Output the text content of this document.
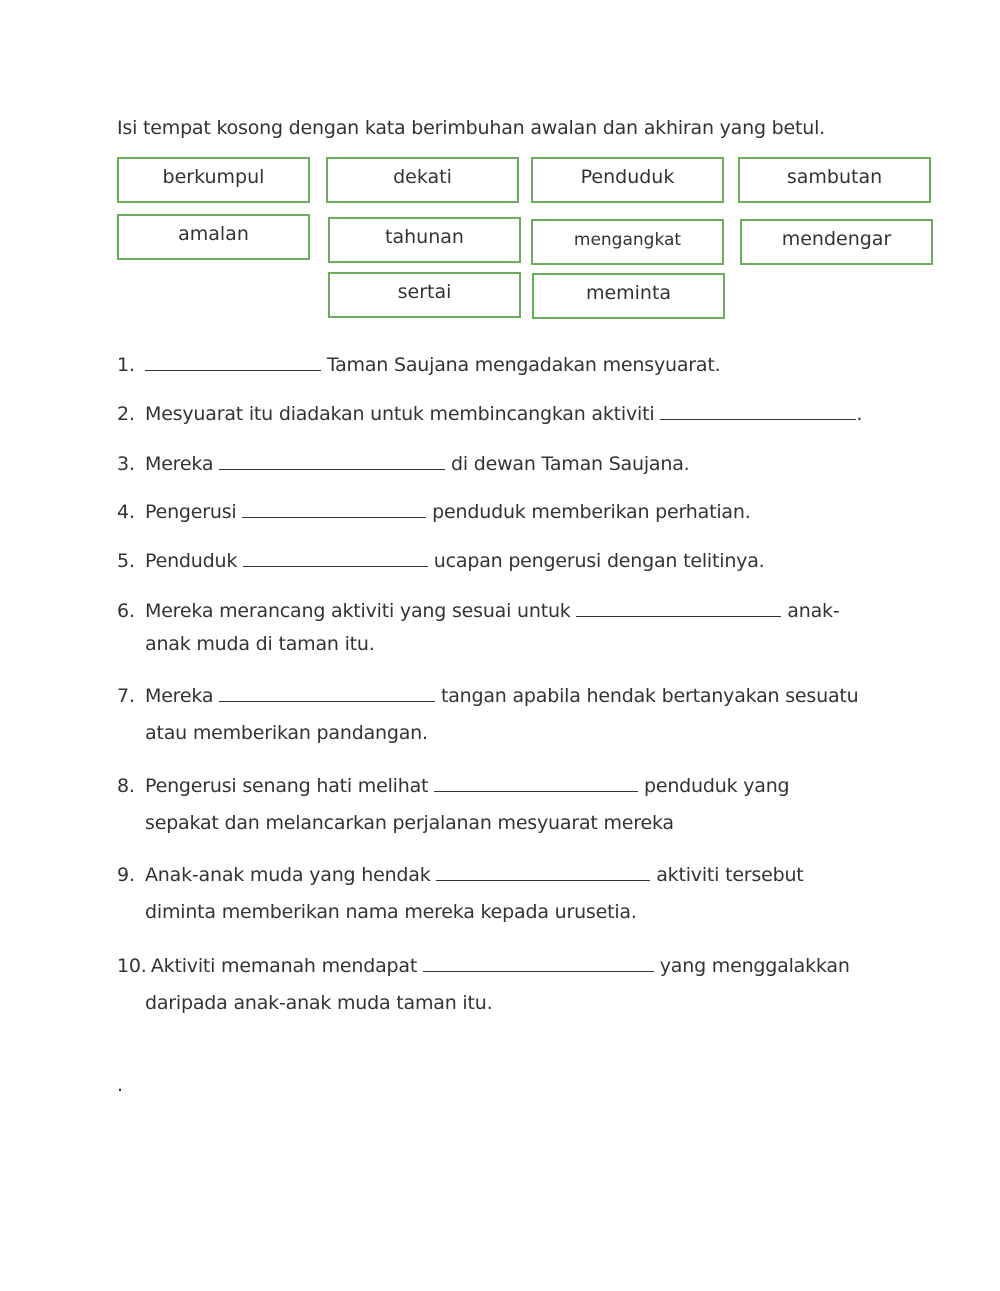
Isi tempat kosong dengan kata berimbuhan awalan dan akhiran yang betul.
berkumpul	dekati	Penduduk	sambutan
amalan	tahunan	mengangkat	mendengar
sertai	meminta
1.	Taman Saujana mengadakan mensyuarat.
2. Mesyuarat itu diadakan untuk membincangkan aktiviti	.
3. Mereka	di dewan Taman Saujana.
4. Pengerusi	penduduk memberikan perhatian.
5. Penduduk	ucapan pengerusi dengan telitinya.
6. Mereka merancang aktiviti yang sesuai untuk	anak-
anak muda di taman itu.
7. Mereka	tangan apabila hendak bertanyakan sesuatu
atau memberikan pandangan.
8. Pengerusi senang hati melihat	penduduk yang
sepakat dan melancarkan perjalanan mesyuarat mereka
9. Anak-anak muda yang hendak	aktiviti tersebut
diminta memberikan nama mereka kepada urusetia.
10. Aktiviti memanah mendapat	yang menggalakkan
daripada anak-anak muda taman itu.
.
